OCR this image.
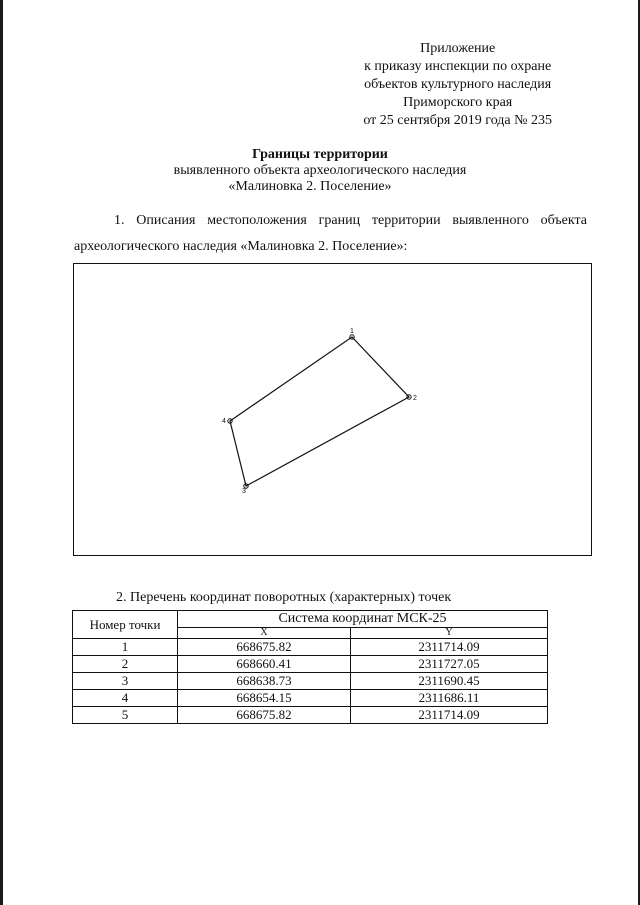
Приложение
к приказу инспекции по охране
объектов культурного наследия
Приморского края
от 25 сентября 2019 года № 235
Границы территории
выявленного объекта археологического наследия
«Малиновка 2. Поселение»
1. Описания местоположения границ территории выявленного объекта
археологического наследия «Малиновка 2. Поселение»:
1
2
3
4
2. Перечень координат поворотных (характерных) точек
Номер точки	Система координат МСК-25	
	X	Y
1	668675.82	2311714.09
2	668660.41	2311727.05
3	668638.73	2311690.45
4	668654.15	2311686.11
5	668675.82	2311714.09
